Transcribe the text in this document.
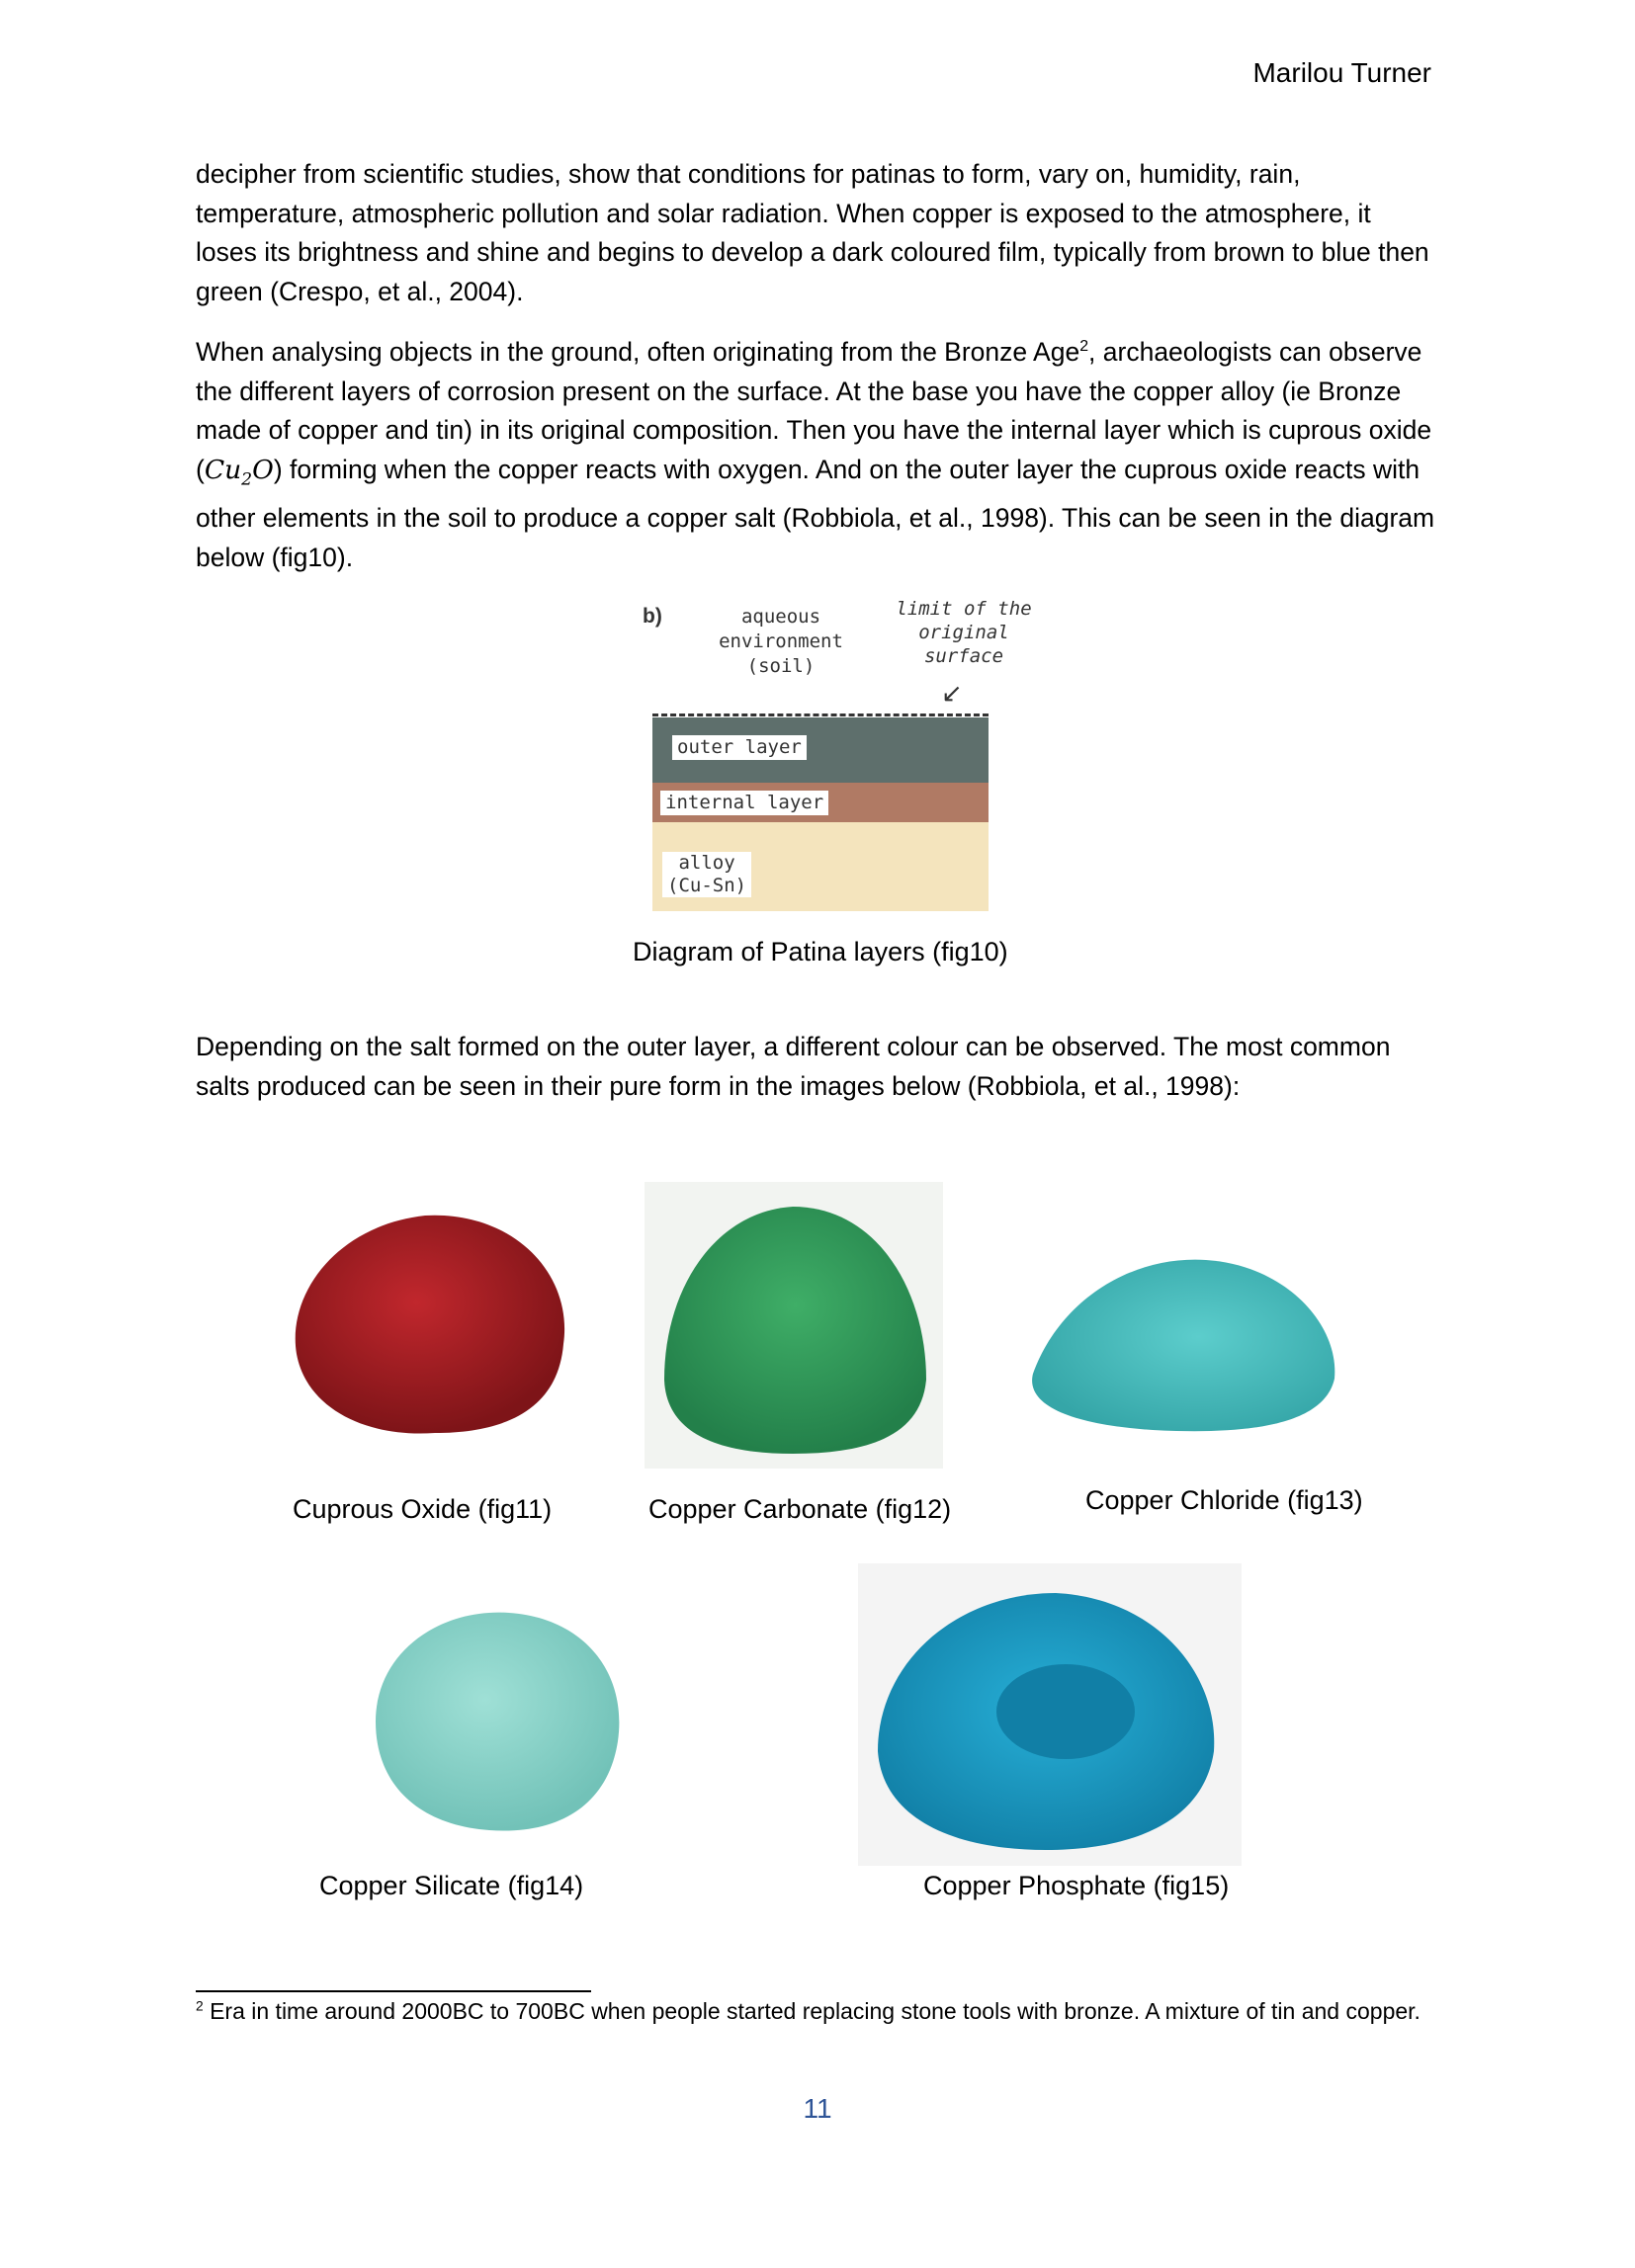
Marilou Turner

decipher from scientific studies, show that conditions for patinas to form, vary on, humidity, rain, temperature, atmospheric pollution and solar radiation. When copper is exposed to the atmosphere, it loses its brightness and shine and begins to develop a dark coloured film, typically from brown to blue then green (Crespo, et al., 2004).

When analysing objects in the ground, often originating from the Bronze Age$^2$, archaeologists can observe the different layers of corrosion present on the surface. At the base you have the copper alloy (ie Bronze made of copper and tin) in its original composition. Then you have the internal layer which is cuprous oxide $(Cu_2O)$ forming when the copper reacts with oxygen. And on the outer layer the cuprous oxide reacts with other elements in the soil to produce a copper salt (Robbiola, et al., 1998). This can be seen in the diagram below (fig10).

b)	aqueous
environment
(soil)
limit of the
original
surface
↙
outer layer
internal layer
alloy
(Cu-Sn)
Diagram of Patina layers (fig10)

Depending on the salt formed on the outer layer, a different colour can be observed. The most common salts produced can be seen in their pure form in the images below (Robbiola, et al., 1998):

Cuprous Oxide (fig11)	Copper Carbonate (fig12)	Copper Chloride (fig13)
Copper Silicate (fig14)	Copper Phosphate (fig15)
$^2$ Era in time around 2000BC to 700BC when people started replacing stone tools with bronze. A mixture of tin and copper.
11
